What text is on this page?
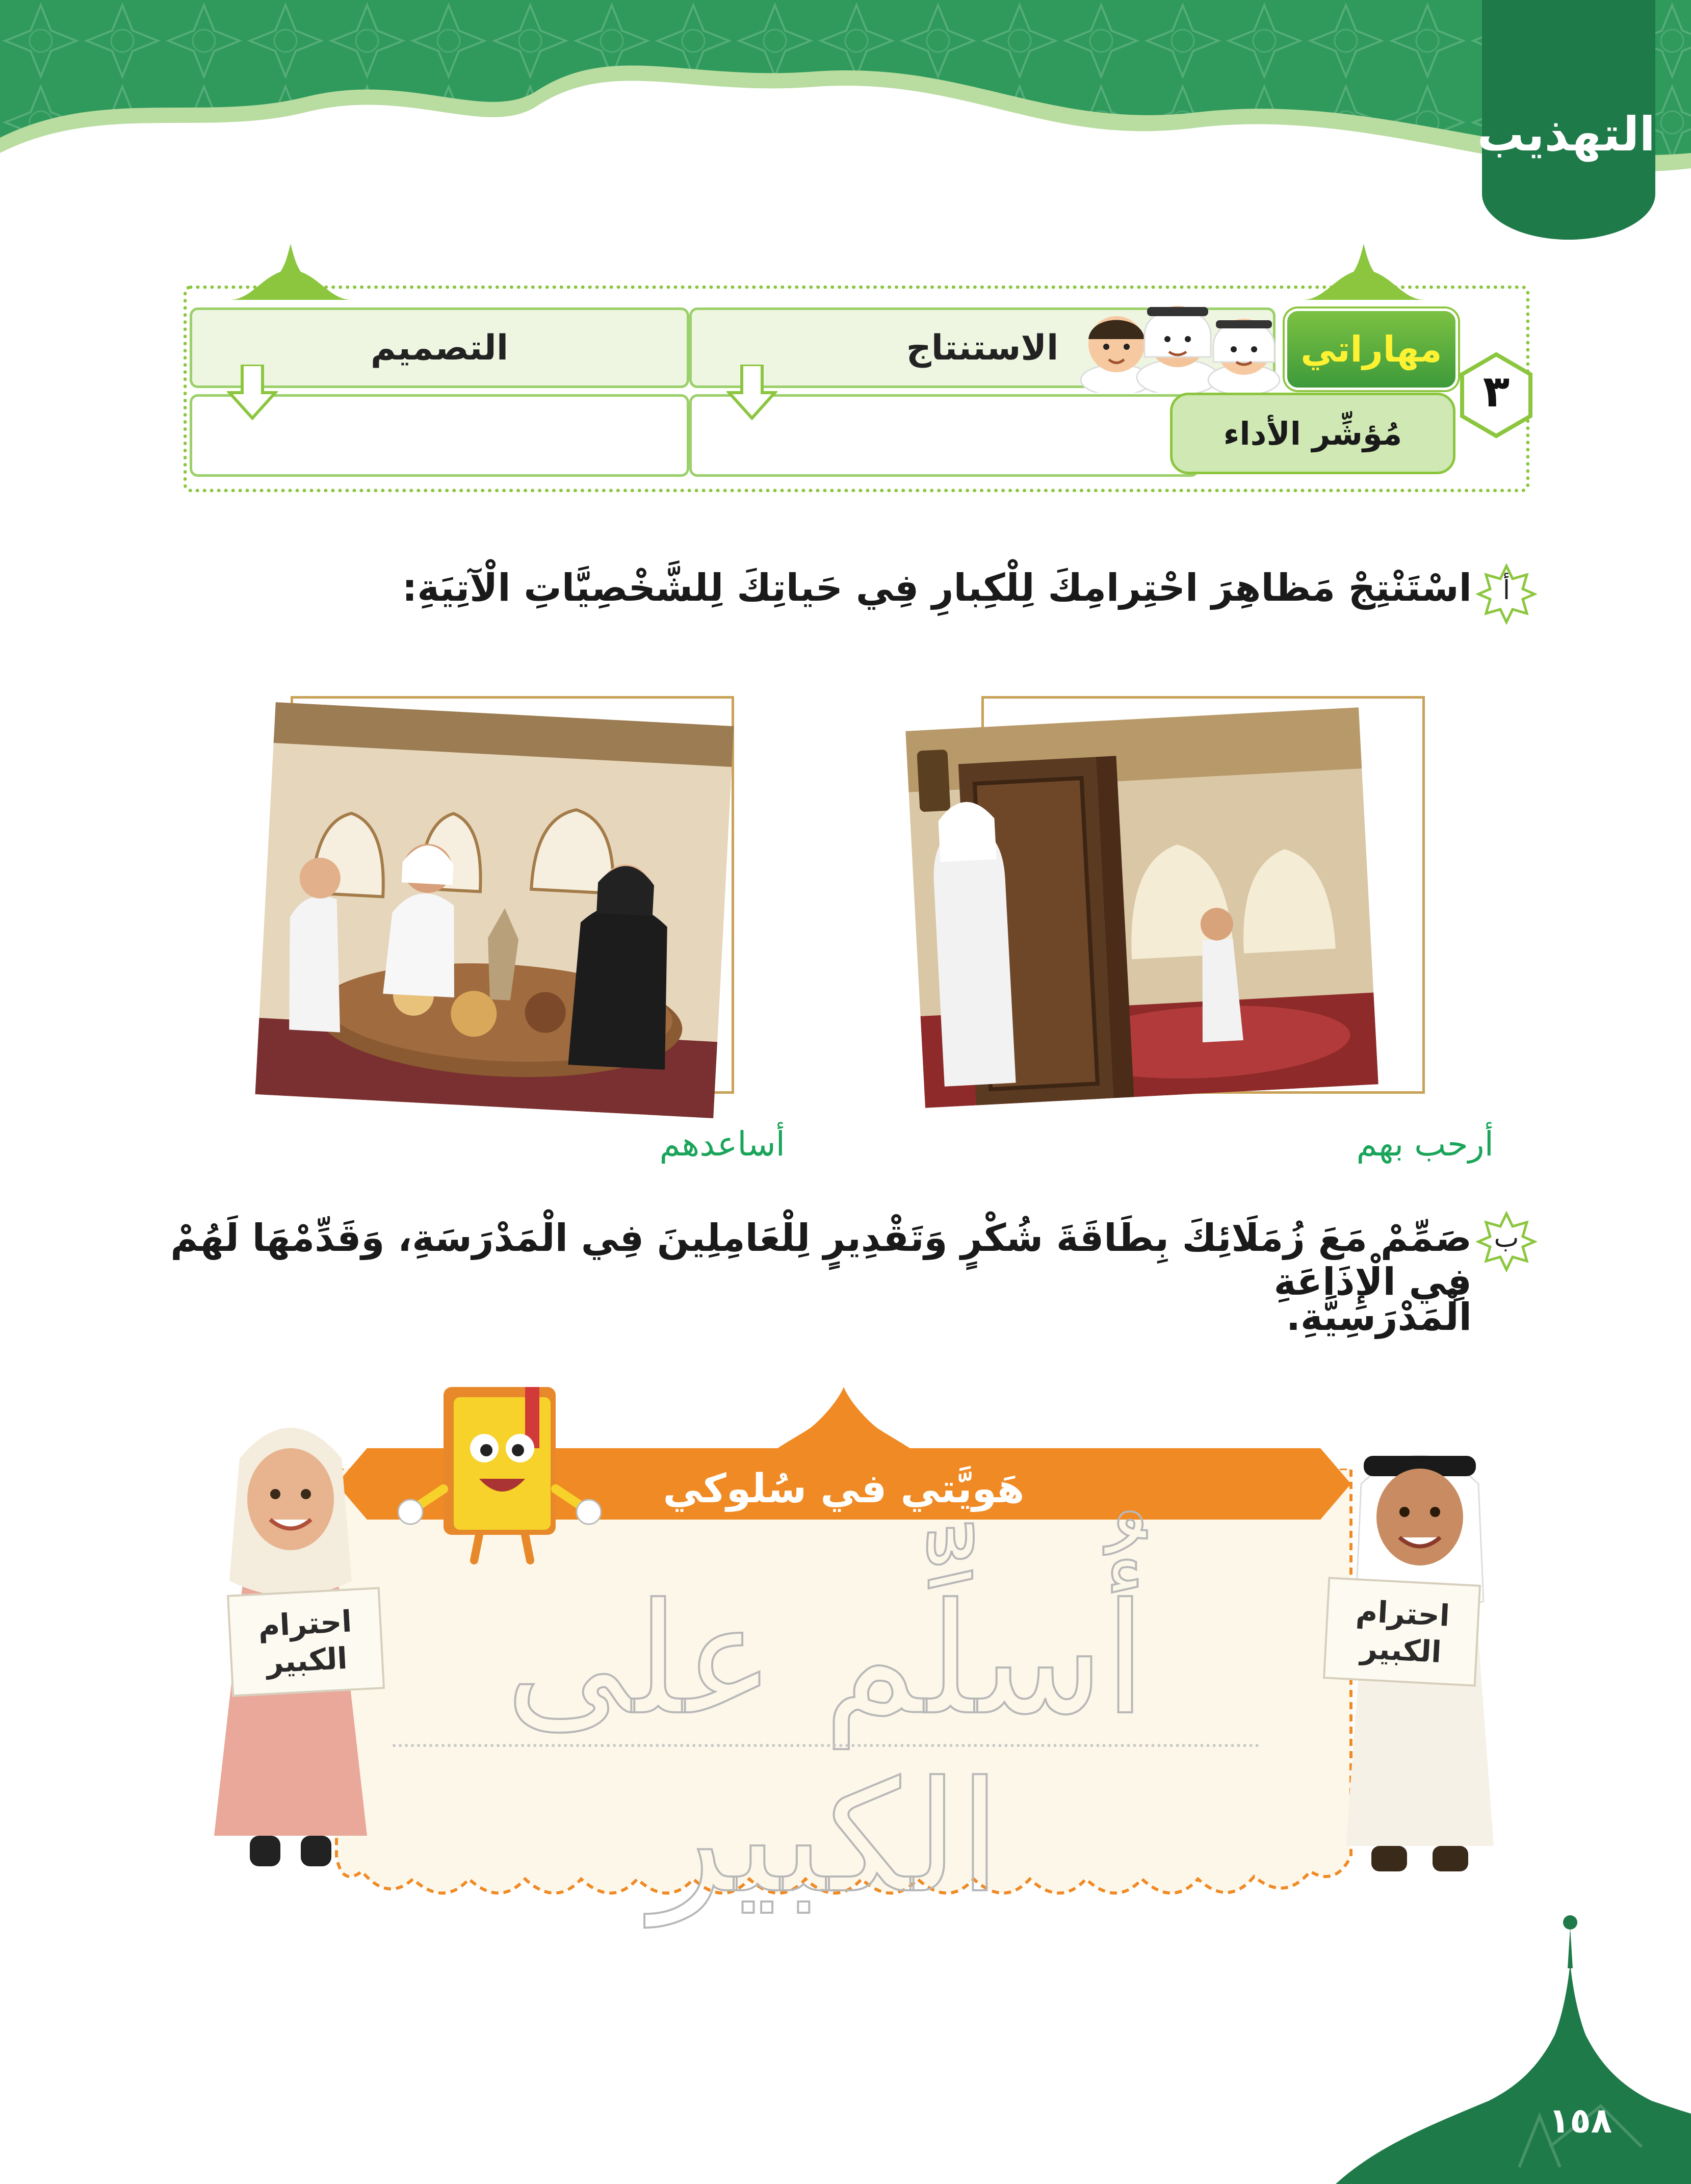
التهذيب
التصميم	الاستنتاج	مهاراتي
مُؤشِّر الأداء
٣
أ
اسْتَنْتِجْ مَظاهِرَ احْتِرامِكَ لِلْكِبارِ فِي حَياتِكَ لِلشَّخْصِيَّاتِ الْآتِيَةِ:
أرحب بهم
أساعدهم
ب
صَمِّمْ مَعَ زُمَلَائِكَ بِطَاقَةَ شُكْرٍ وَتَقْدِيرٍ لِلْعَامِلِينَ فِي الْمَدْرَسَةِ، وَقَدِّمْهَا لَهُمْ فِي الْإِذَاعَةِ
الْمَدْرَسِيَّةِ.
هَويَّتي في سُلوكي
أُسلِّم على الكبير
احترام
الكبير
احترام
الكبير
١٥٨
